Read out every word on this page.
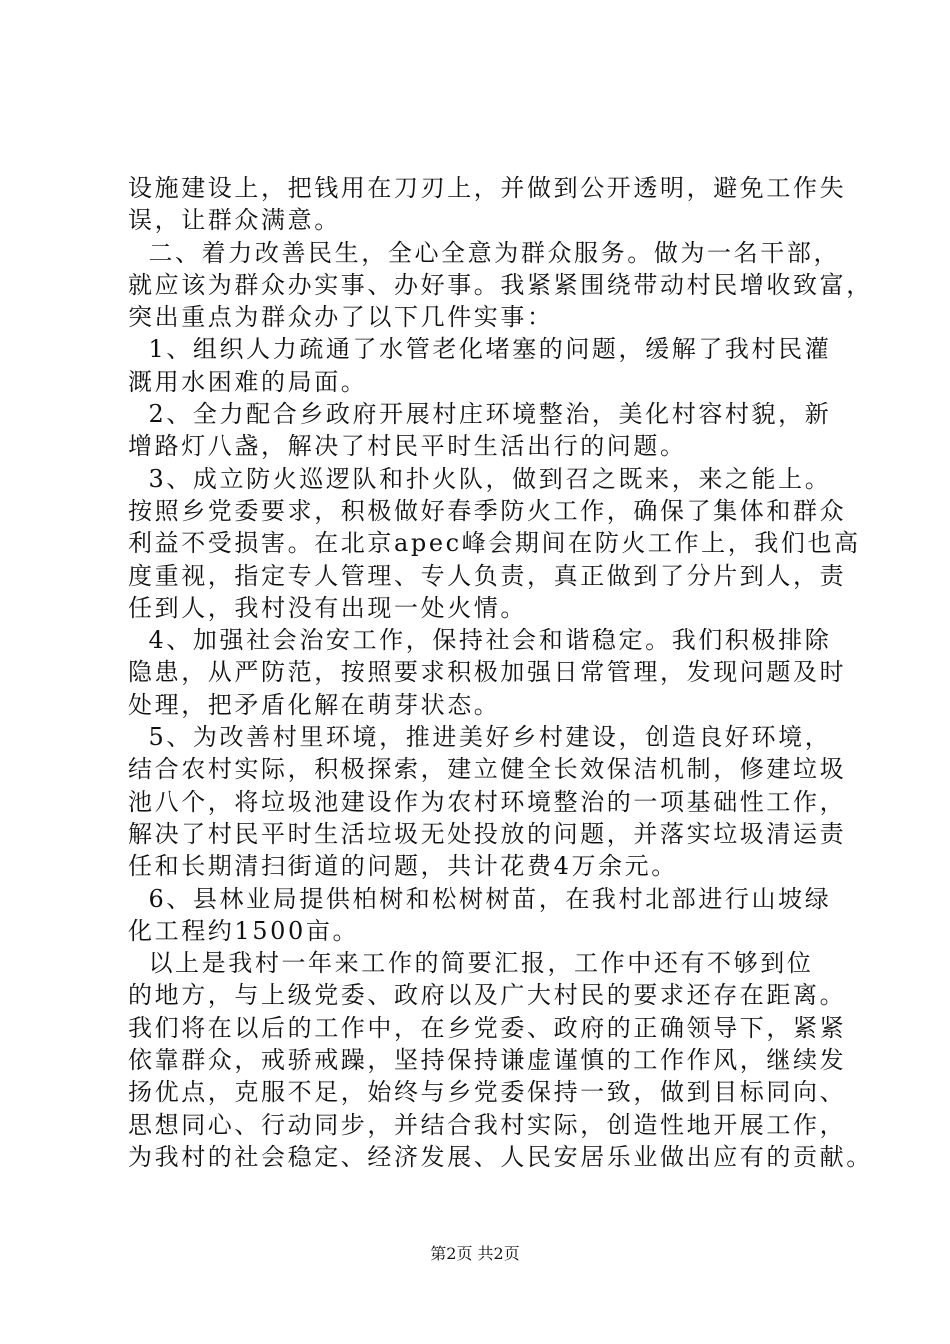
设施建设上，把钱用在刀刃上，并做到公开透明，避免工作失
误，让群众满意。
二、着力改善民生，全心全意为群众服务。做为一名干部，
就应该为群众办实事、办好事。我紧紧围绕带动村民增收致富，
突出重点为群众办了以下几件实事：
1、组织人力疏通了水管老化堵塞的问题，缓解了我村民灌
溉用水困难的局面。
2、全力配合乡政府开展村庄环境整治，美化村容村貌，新
增路灯八盏，解决了村民平时生活出行的问题。
3、成立防火巡逻队和扑火队，做到召之既来，来之能上。
按照乡党委要求，积极做好春季防火工作，确保了集体和群众
利益不受损害。在北京apec峰会期间在防火工作上，我们也高
度重视，指定专人管理、专人负责，真正做到了分片到人，责
任到人，我村没有出现一处火情。
4、加强社会治安工作，保持社会和谐稳定。我们积极排除
隐患，从严防范，按照要求积极加强日常管理，发现问题及时
处理，把矛盾化解在萌芽状态。
5、为改善村里环境，推进美好乡村建设，创造良好环境，
结合农村实际，积极探索，建立健全长效保洁机制，修建垃圾
池八个，将垃圾池建设作为农村环境整治的一项基础性工作，
解决了村民平时生活垃圾无处投放的问题，并落实垃圾清运责
任和长期清扫街道的问题，共计花费4万余元。
6、县林业局提供柏树和松树树苗，在我村北部进行山坡绿
化工程约1500亩。
以上是我村一年来工作的简要汇报，工作中还有不够到位
的地方，与上级党委、政府以及广大村民的要求还存在距离。
我们将在以后的工作中，在乡党委、政府的正确领导下，紧紧
依靠群众，戒骄戒躁，坚持保持谦虚谨慎的工作作风，继续发
扬优点，克服不足，始终与乡党委保持一致，做到目标同向、
思想同心、行动同步，并结合我村实际，创造性地开展工作，
为我村的社会稳定、经济发展、人民安居乐业做出应有的贡献。
第2页 共2页
